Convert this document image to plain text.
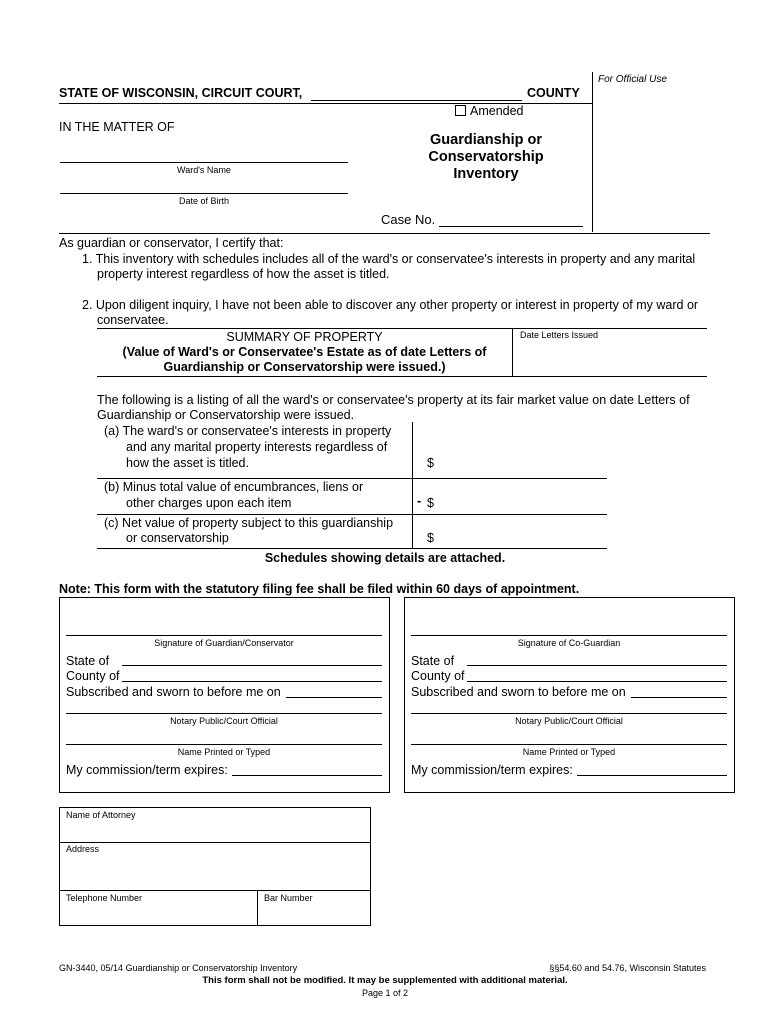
For Official Use
STATE OF WISCONSIN, CIRCUIT COURT,	COUNTY
Amended
IN THE MATTER OF
Ward's Name
Date of Birth
Guardianship or
Conservatorship
Inventory
Case No.
As guardian or conservator, I certify that:
1. This inventory with schedules includes all of the ward's or conservatee's interests in property and any marital
property interest regardless of how the asset is titled.
2. Upon diligent inquiry, I have not been able to discover any other property or interest in property of my ward or
conservatee.
SUMMARY OF PROPERTY
(Value of Ward's or Conservatee's Estate as of date Letters of
Guardianship or Conservatorship were issued.)
Date Letters Issued
The following is a listing of all the ward's or conservatee's property at its fair market value on date Letters of
Guardianship or Conservatorship were issued.
(a) The ward's or conservatee's interests in property
and any marital property interests regardless of
how the asset is titled.	$
(b) Minus total value of encumbrances, liens or
other charges upon each item	- $
(c) Net value of property subject to this guardianship
or conservatorship	$
Schedules showing details are attached.
Note: This form with the statutory filing fee shall be filed within 60 days of appointment.
Signature of Guardian/Conservator
State of
County of
Subscribed and sworn to before me on
Notary Public/Court Official
Name Printed or Typed
My commission/term expires:
Signature of Co-Guardian
State of
County of
Subscribed and sworn to before me on
Notary Public/Court Official
Name Printed or Typed
My commission/term expires:
Name of Attorney
Address
Telephone Number	Bar Number
GN-3440, 05/14 Guardianship or Conservatorship Inventory	§§54.60 and 54.76, Wisconsin Statutes
This form shall not be modified. It may be supplemented with additional material.
Page 1 of 2
